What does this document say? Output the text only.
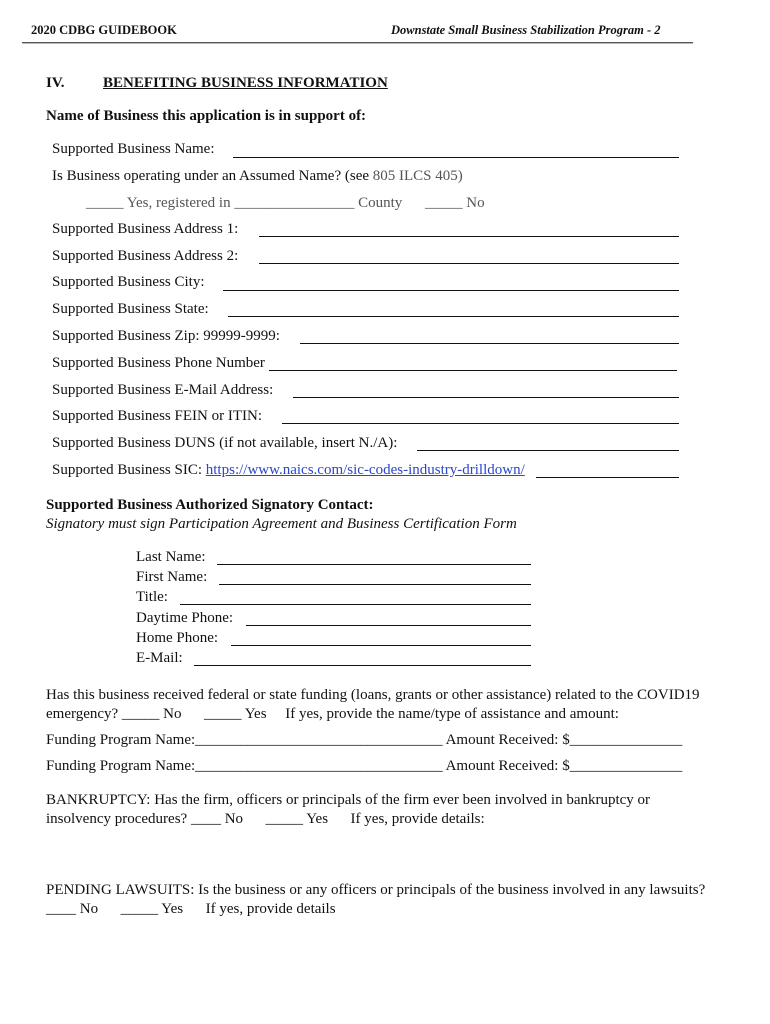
2020 CDBG GUIDEBOOK	Downstate Small Business Stabilization Program - 2
IV.	BENEFITING BUSINESS INFORMATION
Name of Business this application is in support of:
Supported Business Name:
Is Business operating under an Assumed Name? (see 805 ILCS 405)
_____ Yes, registered in ________________ County _____ No
Supported Business Address 1:
Supported Business Address 2:
Supported Business City:
Supported Business State:
Supported Business Zip: 99999-9999:
Supported Business Phone Number
Supported Business E-Mail Address:
Supported Business FEIN or ITIN:
Supported Business DUNS (if not available, insert N./A):
Supported Business SIC: https://www.naics.com/sic-codes-industry-drilldown/
Supported Business Authorized Signatory Contact:
Signatory must sign Participation Agreement and Business Certification Form
Last Name:
First Name:
Title:
Daytime Phone:
Home Phone:
E-Mail:
Has this business received federal or state funding (loans, grants or other assistance) related to the COVID19
emergency? _____ No      _____ Yes     If yes, provide the name/type of assistance and amount:
Funding Program Name:_________________________________ Amount Received: $_______________
Funding Program Name:_________________________________ Amount Received: $_______________
BANKRUPTCY: Has the firm, officers or principals of the firm ever been involved in bankruptcy or
insolvency procedures? ____ No      _____ Yes      If yes, provide details:
PENDING LAWSUITS: Is the business or any officers or principals of the business involved in any lawsuits?
____ No      _____ Yes      If yes, provide details
